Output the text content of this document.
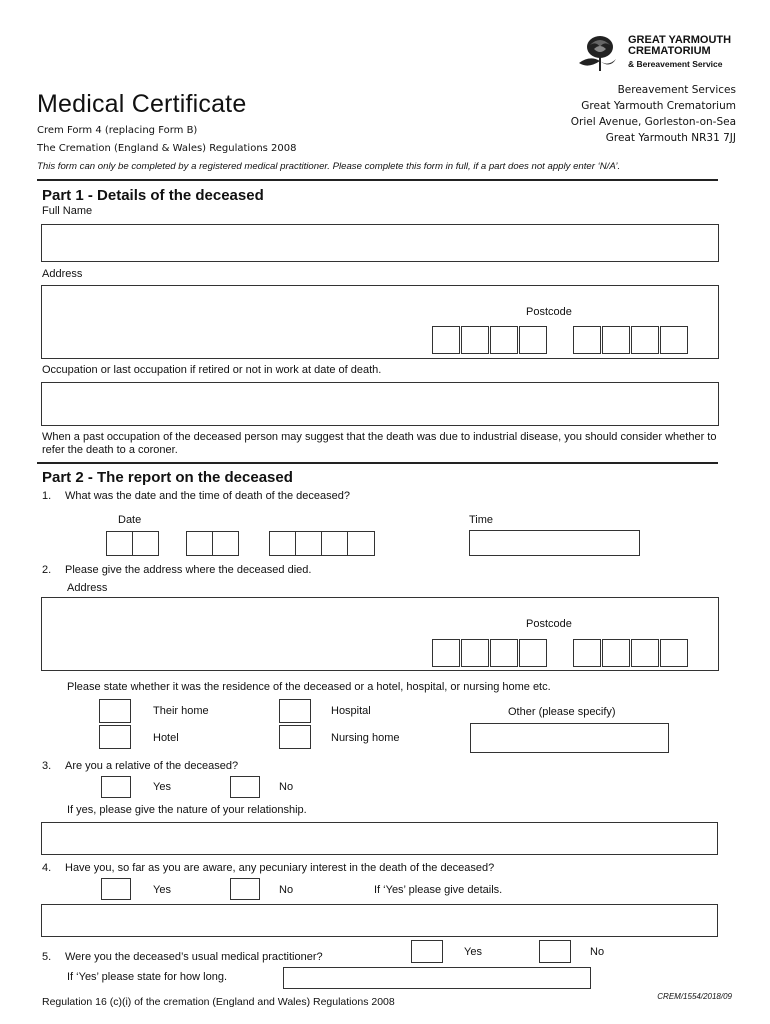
GREAT YARMOUTH
CREMATORIUM
& Bereavement Service
Bereavement Services
Great Yarmouth Crematorium
Oriel Avenue, Gorleston-on-Sea
Great Yarmouth NR31 7JJ
Medical Certificate
Crem Form 4 (replacing Form B)
The Cremation (England & Wales) Regulations 2008
This form can only be completed by a registered medical practitioner. Please complete this form in full, if a part does not apply enter ‘N/A’.
Part 1 - Details of the deceased
Full Name
Address
Postcode
Occupation or last occupation if retired or not in work at date of death.
When a past occupation of the deceased person may suggest that the death was due to industrial disease, you should consider whether to refer the death to a coroner.
Part 2 - The report on the deceased
1. What was the date and the time of death of the deceased?
Date	Time
2. Please give the address where the deceased died.
Address
Postcode
Please state whether it was the residence of the deceased or a hotel, hospital, or nursing home etc.
Their home	Hospital	Other (please specify)
Hotel	Nursing home
3. Are you a relative of the deceased?
Yes	No
If yes, please give the nature of your relationship.
4. Have you, so far as you are aware, any pecuniary interest in the death of the deceased?
Yes	No	If ‘Yes’ please give details.
5. Were you the deceased’s usual medical practitioner?	Yes	No
If ‘Yes’ please state for how long.
Regulation 16 (c)(i) of the cremation (England and Wales) Regulations 2008	CREM/1554/2018/09
